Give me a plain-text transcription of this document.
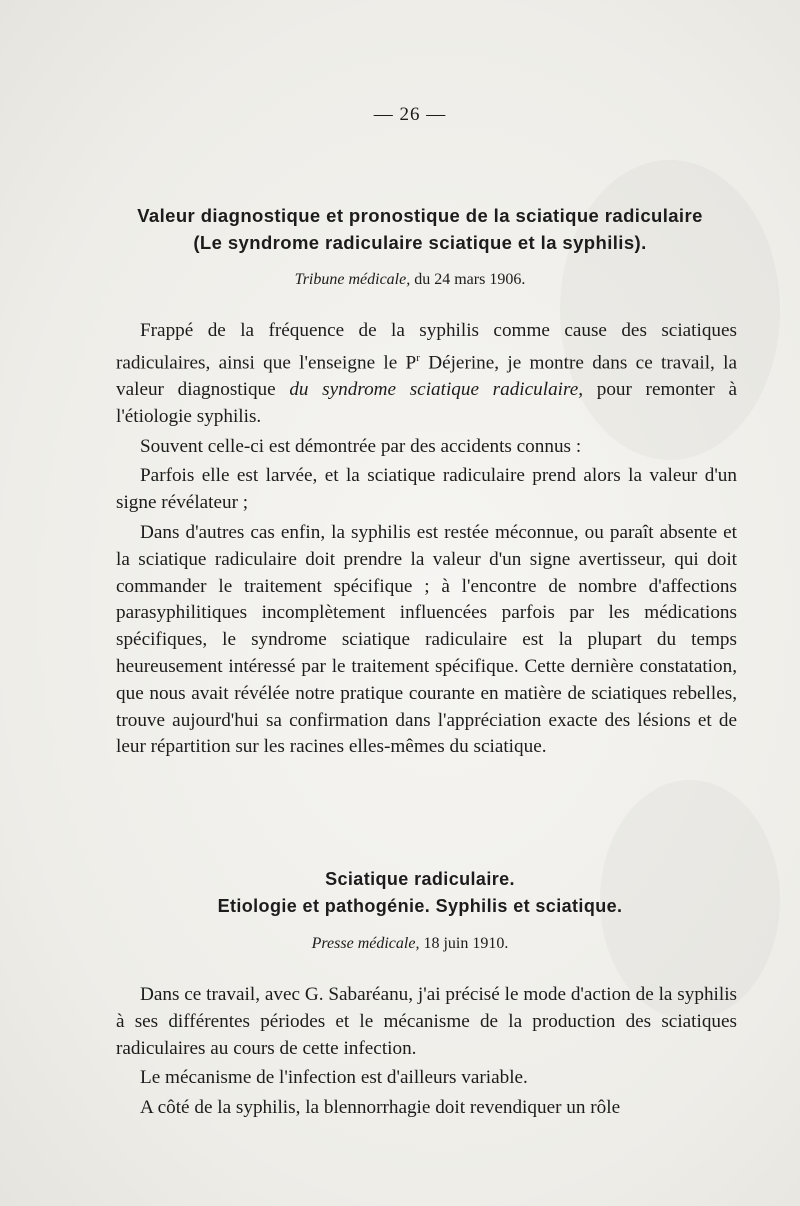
— 26 —
Valeur diagnostique et pronostique de la sciatique radiculaire
(Le syndrome radiculaire sciatique et la syphilis).
Tribune médicale, du 24 mars 1906.

Frappé de la fréquence de la syphilis comme cause des sciatiques radiculaires, ainsi que l'enseigne le $P^r$ Déjerine, je montre dans ce travail, la valeur diagnostique du syndrome sciatique radiculaire, pour remonter à l'étiologie syphilis.

Souvent celle-ci est démontrée par des accidents connus :

Parfois elle est larvée, et la sciatique radiculaire prend alors la valeur d'un signe révélateur ;

Dans d'autres cas enfin, la syphilis est restée méconnue, ou paraît absente et la sciatique radiculaire doit prendre la valeur d'un signe avertisseur, qui doit commander le traitement spécifique ; à l'encontre de nombre d'affections parasyphilitiques incomplètement influencées parfois par les médications spécifiques, le syndrome sciatique radiculaire est la plupart du temps heureusement intéressé par le traitement spécifique. Cette dernière constatation, que nous avait révélée notre pratique courante en matière de sciatiques rebelles, trouve aujourd'hui sa confirmation dans l'appréciation exacte des lésions et de leur répartition sur les racines elles-mêmes du sciatique.

Sciatique radiculaire.
Etiologie et pathogénie. Syphilis et sciatique.
Presse médicale, 18 juin 1910.

Dans ce travail, avec G. Sabaréanu, j'ai précisé le mode d'action de la syphilis à ses différentes périodes et le mécanisme de la production des sciatiques radiculaires au cours de cette infection.

Le mécanisme de l'infection est d'ailleurs variable.

A côté de la syphilis, la blennorrhagie doit revendiquer un rôle
